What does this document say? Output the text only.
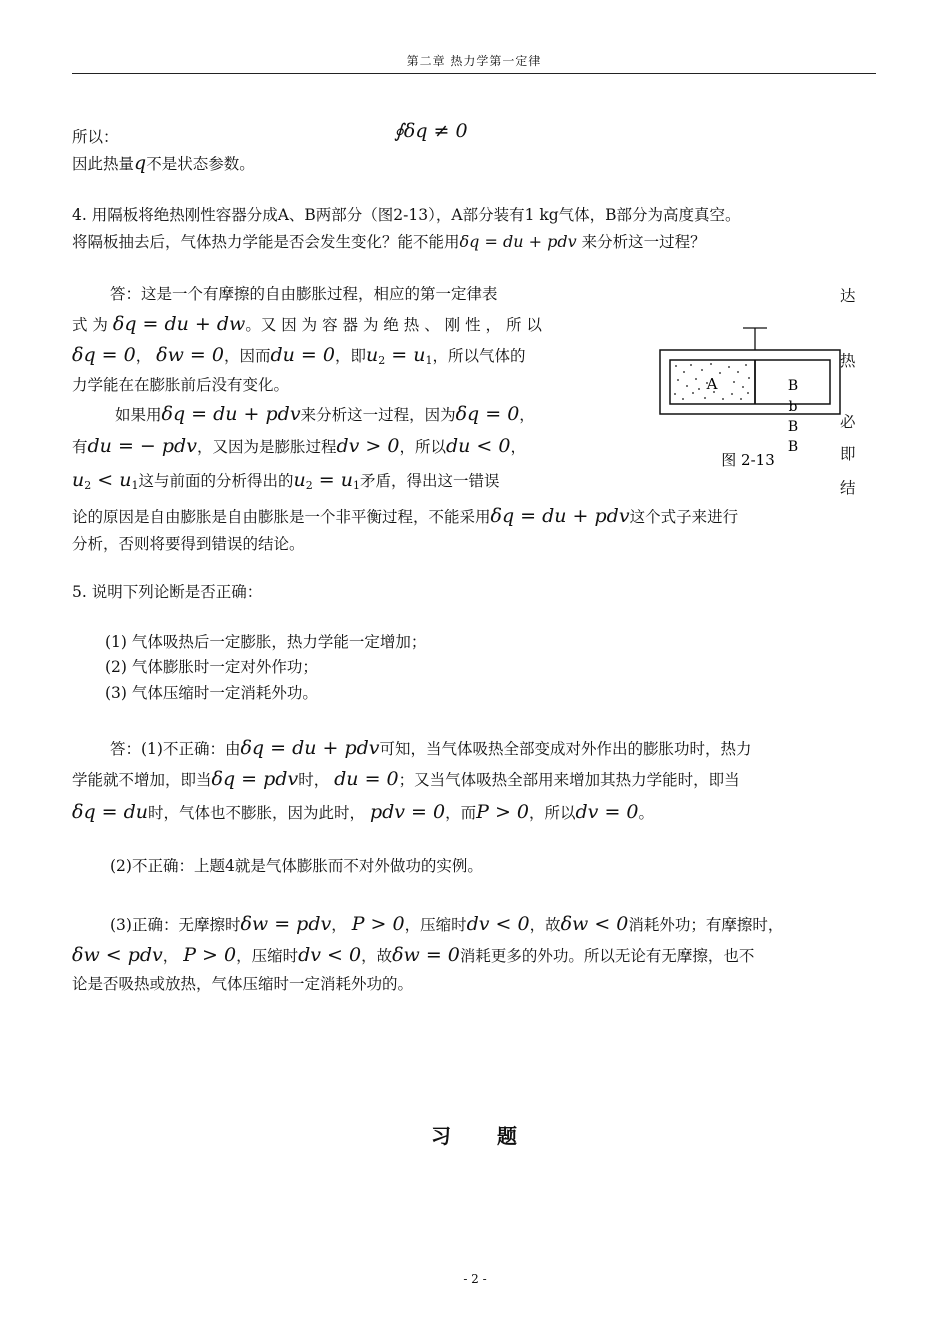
第二章 热力学第一定律
所以：	∮δq ≠ 0
因此热量q不是状态参数。
4. 用隔板将绝热刚性容器分成A、B两部分（图2-13），A部分装有1 kg气体，B部分为高度真空。
将隔板抽去后，气体热力学能是否会发生变化？能不能用δq = du + pdv 来分析这一过程？
答：这是一个有摩擦的自由膨胀过程，相应的第一定律表	达
式 为 δq = du + dw。又 因 为 容 器 为 绝 热 、 刚 性 ， 所 以
δq = 0， δw = 0，因而du = 0，即$u_2 = u_1$，所以气体的	热
力学能在在膨胀前后没有变化。
如果用δq = du + pdv来分析这一过程，因为δq = 0，	必
有du = − pdv，又因为是膨胀过程dv > 0，所以du < 0，	即
$u_2 < u_1$这与前面的分析得出的$u_2 = u_1$矛盾，得出这一错误	结
论的原因是自由膨胀是自由膨胀是一个非平衡过程，不能采用δq = du + pdv这个式子来进行
分析，否则将要得到错误的结论。
A	B
b
B
B
图 2-13
5. 说明下列论断是否正确：
(1) 气体吸热后一定膨胀，热力学能一定增加；
(2) 气体膨胀时一定对外作功；
(3) 气体压缩时一定消耗外功。
答：(1)不正确：由δq = du + pdv可知，当气体吸热全部变成对外作出的膨胀功时，热力
学能就不增加，即当δq = pdv时， du = 0；又当气体吸热全部用来增加其热力学能时，即当
δq = du时，气体也不膨胀，因为此时， pdv = 0，而P > 0，所以dv = 0。
(2)不正确：上题4就是气体膨胀而不对外做功的实例。
(3)正确：无摩擦时δw = pdv， P > 0，压缩时dv < 0，故δw < 0消耗外功；有摩擦时，
δw < pdv， P > 0，压缩时dv < 0，故δw = 0消耗更多的外功。所以无论有无摩擦，也不
论是否吸热或放热，气体压缩时一定消耗外功的。
习　　题
- 2 -
